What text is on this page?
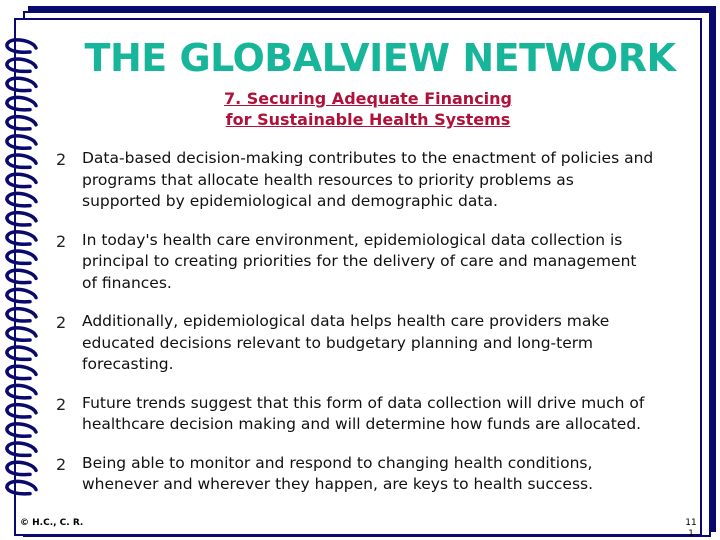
THE GLOBALVIEW NETWORK
7. Securing Adequate Financing
for Sustainable Health Systems
2	Data-based decision-making contributes to the enactment of policies and programs that allocate health resources to priority problems as supported by epidemiological and demographic data.
2	In today's health care environment, epidemiological data collection is principal to creating priorities for the delivery of care and management of finances.
2	Additionally, epidemiological data helps health care providers make educated decisions relevant to budgetary planning and long-term forecasting.
2	Future trends suggest that this form of data collection will drive much of healthcare decision making and will determine how funds are allocated.
2	Being able to monitor and respond to changing health conditions, whenever and wherever they happen, are keys to health success.
© H.C., C. R.	11
1
